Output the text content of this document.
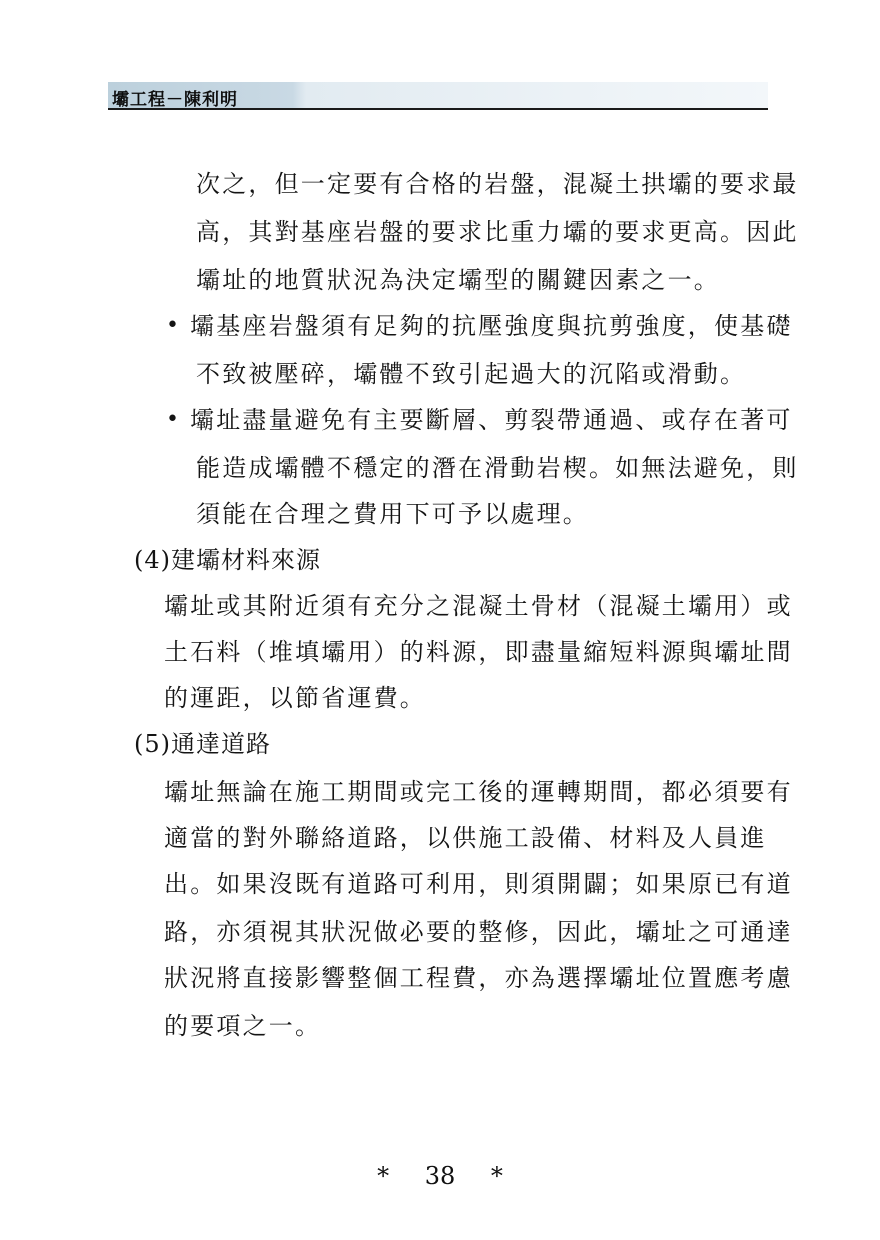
壩工程－陳利明
次之，但一定要有合格的岩盤，混凝土拱壩的要求最
高，其對基座岩盤的要求比重力壩的要求更高。因此
壩址的地質狀況為決定壩型的關鍵因素之一。
• 壩基座岩盤須有足夠的抗壓強度與抗剪強度，使基礎
不致被壓碎，壩體不致引起過大的沉陷或滑動。
• 壩址盡量避免有主要斷層、剪裂帶通過、或存在著可
能造成壩體不穩定的潛在滑動岩楔。如無法避免，則
須能在合理之費用下可予以處理。
(4)建壩材料來源
壩址或其附近須有充分之混凝土骨材（混凝土壩用）或
土石料（堆填壩用）的料源，即盡量縮短料源與壩址間
的運距，以節省運費。
(5)通達道路
壩址無論在施工期間或完工後的運轉期間，都必須要有
適當的對外聯絡道路，以供施工設備、材料及人員進
出。如果沒既有道路可利用，則須開闢；如果原已有道
路，亦須視其狀況做必要的整修，因此，壩址之可通達
狀況將直接影響整個工程費，亦為選擇壩址位置應考慮
的要項之一。
* 38 *
